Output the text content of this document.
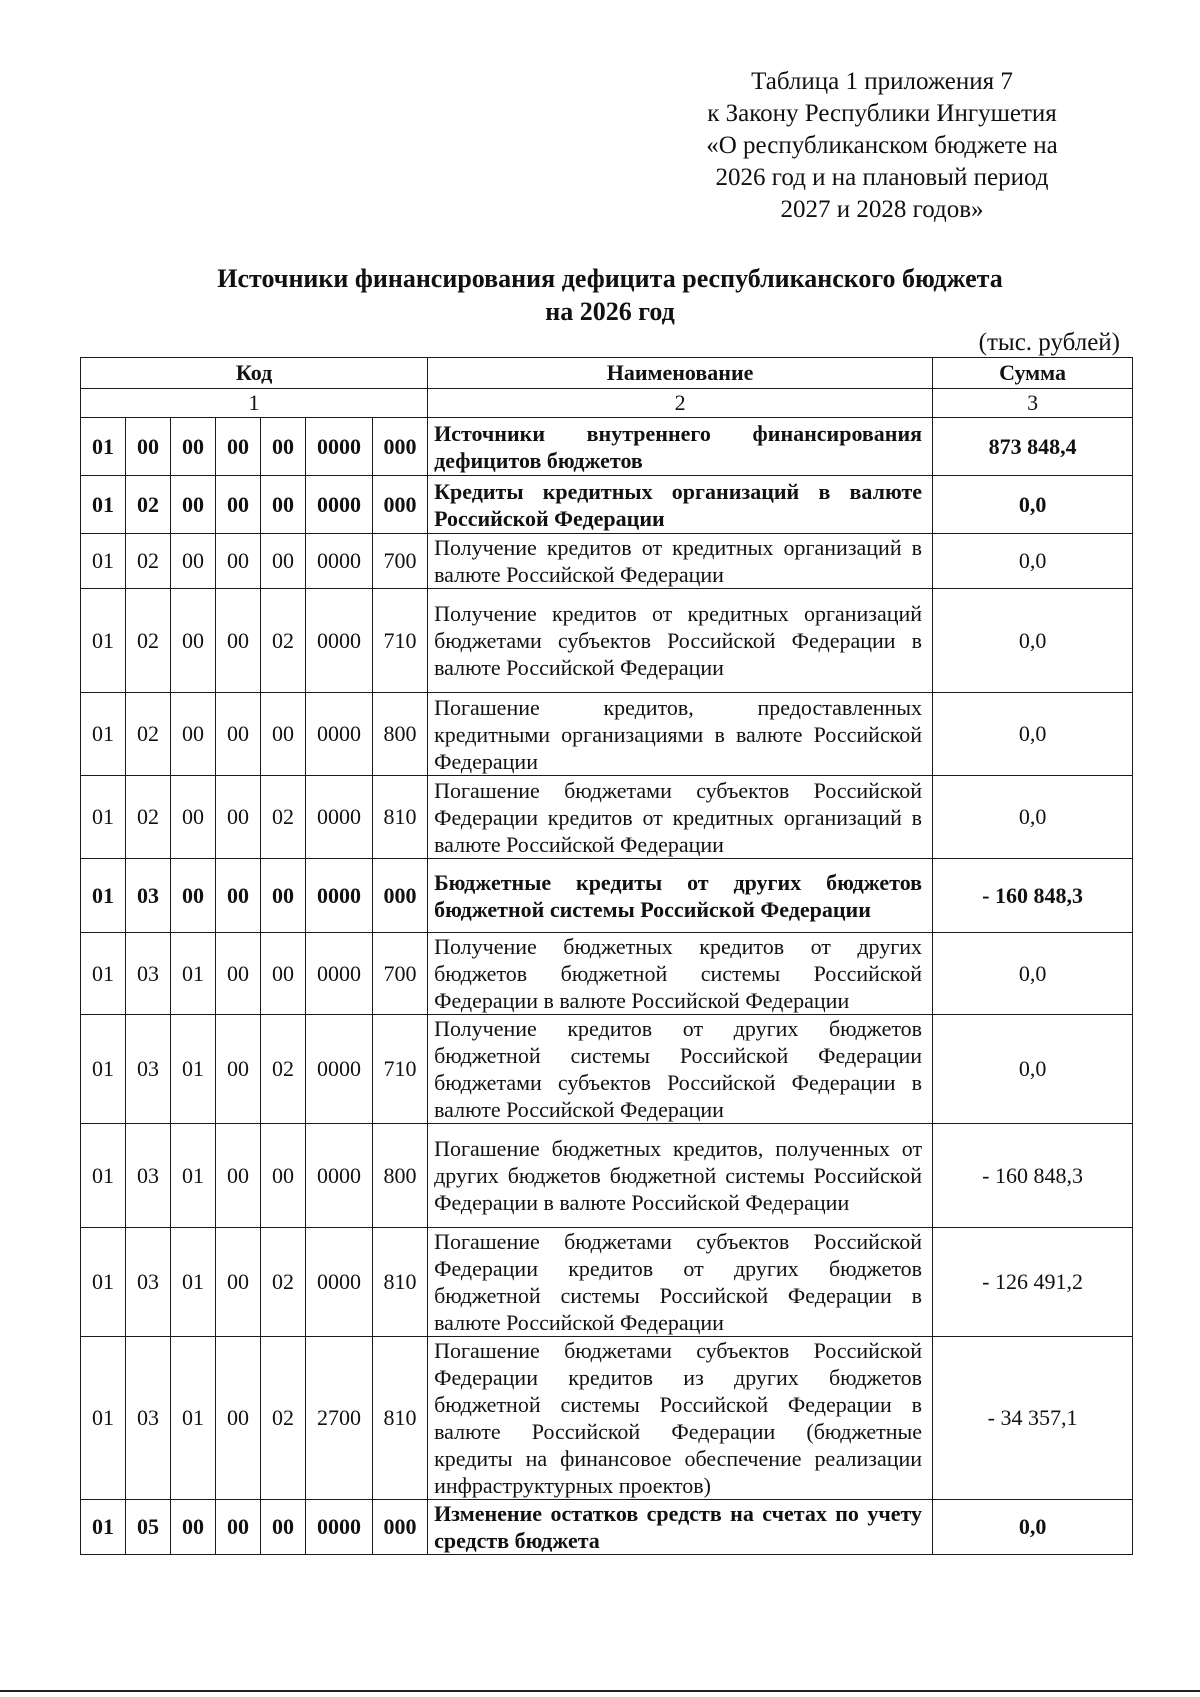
Таблица 1 приложения 7
к Закону Республики Ингушетия
«О республиканском бюджете на
2026 год и на плановый период
2027 и 2028 годов»
Источники финансирования дефицита республиканского бюджета
на 2026 год
(тыс. рублей)
Код							Наименование	Сумма
1							2	3
01	00	00	00	00	0000	000	Источники внутреннего финансирования дефицитов бюджетов	873 848,4
01	02	00	00	00	0000	000	Кредиты кредитных организаций в валюте Российской Федерации	0,0
01	02	00	00	00	0000	700	Получение кредитов от кредитных организаций в валюте Российской Федерации	0,0
01	02	00	00	02	0000	710	Получение кредитов от кредитных организаций бюджетами субъектов Российской Федерации в валюте Российской Федерации	0,0
01	02	00	00	00	0000	800	Погашение кредитов, предоставленных кредитными организациями в валюте Российской Федерации	0,0
01	02	00	00	02	0000	810	Погашение бюджетами субъектов Российской Федерации кредитов от кредитных организаций в валюте Российской Федерации	0,0
01	03	00	00	00	0000	000	Бюджетные кредиты от других бюджетов бюджетной системы Российской Федерации	- 160 848,3
01	03	01	00	00	0000	700	Получение бюджетных кредитов от других бюджетов бюджетной системы Российской Федерации в валюте Российской Федерации	0,0
01	03	01	00	02	0000	710	Получение кредитов от других бюджетов бюджетной системы Российской Федерации бюджетами субъектов Российской Федерации в валюте Российской Федерации	0,0
01	03	01	00	00	0000	800	Погашение бюджетных кредитов, полученных от других бюджетов бюджетной системы Российской Федерации в валюте Российской Федерации	- 160 848,3
01	03	01	00	02	0000	810	Погашение бюджетами субъектов Российской Федерации кредитов от других бюджетов бюджетной системы Российской Федерации в валюте Российской Федерации	- 126 491,2
01	03	01	00	02	2700	810	Погашение бюджетами субъектов Российской Федерации кредитов из других бюджетов бюджетной системы Российской Федерации в валюте Российской Федерации (бюджетные кредиты на финансовое обеспечение реализации инфраструктурных проектов)	- 34 357,1
01	05	00	00	00	0000	000	Изменение остатков средств на счетах по учету средств бюджета	0,0
